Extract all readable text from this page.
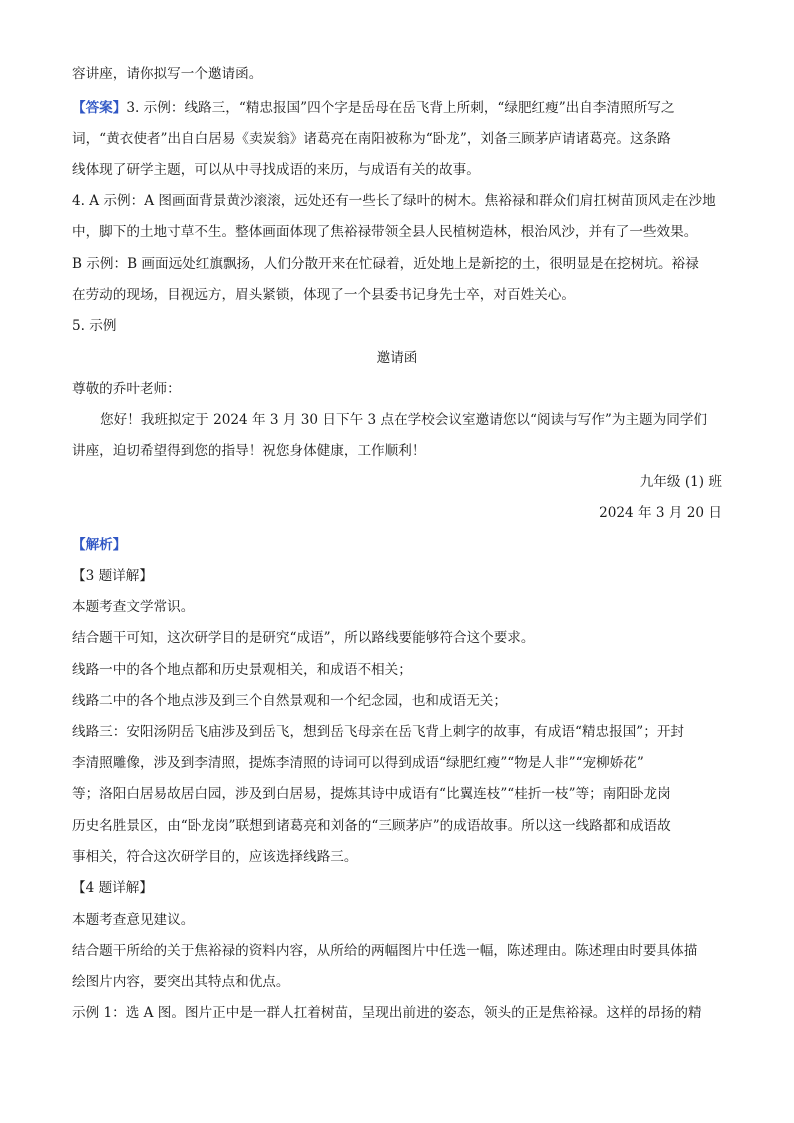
容讲座，请你拟写一个邀请函。
【答案】3. 示例：线路三，“精忠报国”四个字是岳母在岳飞背上所刺，“绿肥红瘦”出自李清照所写之
词，“黄衣使者”出自白居易《卖炭翁》诸葛亮在南阳被称为“卧龙”，刘备三顾茅庐请诸葛亮。这条路
线体现了研学主题，可以从中寻找成语的来历，与成语有关的故事。
4. A 示例：A 图画面背景黄沙滚滚，远处还有一些长了绿叶的树木。焦裕禄和群众们肩扛树苗顶风走在沙地
中，脚下的土地寸草不生。整体画面体现了焦裕禄带领全县人民植树造林，根治风沙，并有了一些效果。
B 示例：B 画面远处红旗飘扬，人们分散开来在忙碌着，近处地上是新挖的土，很明显是在挖树坑。裕禄
在劳动的现场，目视远方，眉头紧锁，体现了一个县委书记身先士卒，对百姓关心。
5. 示例
邀请函
尊敬的乔叶老师：
您好！我班拟定于 2024 年 3 月 30 日下午 3 点在学校会议室邀请您以“阅读与写作”为主题为同学们
讲座，迫切希望得到您的指导！祝您身体健康，工作顺利！
九年级 (1) 班
2024 年 3 月 20 日
【解析】
【3 题详解】
本题考查文学常识。
结合题干可知，这次研学目的是研究“成语”，所以路线要能够符合这个要求。
线路一中的各个地点都和历史景观相关，和成语不相关；
线路二中的各个地点涉及到三个自然景观和一个纪念园，也和成语无关；
线路三：安阳汤阴岳飞庙涉及到岳飞，想到岳飞母亲在岳飞背上刺字的故事，有成语“精忠报国”；开封
李清照雕像，涉及到李清照，提炼李清照的诗词可以得到成语“绿肥红瘦”“物是人非”“宠柳娇花”
等；洛阳白居易故居白园，涉及到白居易，提炼其诗中成语有“比翼连枝”“桂折一枝”等；南阳卧龙岗
历史名胜景区，由“卧龙岗”联想到诸葛亮和刘备的“三顾茅庐”的成语故事。所以这一线路都和成语故
事相关，符合这次研学目的，应该选择线路三。
【4 题详解】
本题考查意见建议。
结合题干所给的关于焦裕禄的资料内容，从所给的两幅图片中任选一幅，陈述理由。陈述理由时要具体描
绘图片内容，要突出其特点和优点。
示例 1：选 A 图。图片正中是一群人扛着树苗，呈现出前进的姿态，领头的正是焦裕禄。这样的昂扬的精
